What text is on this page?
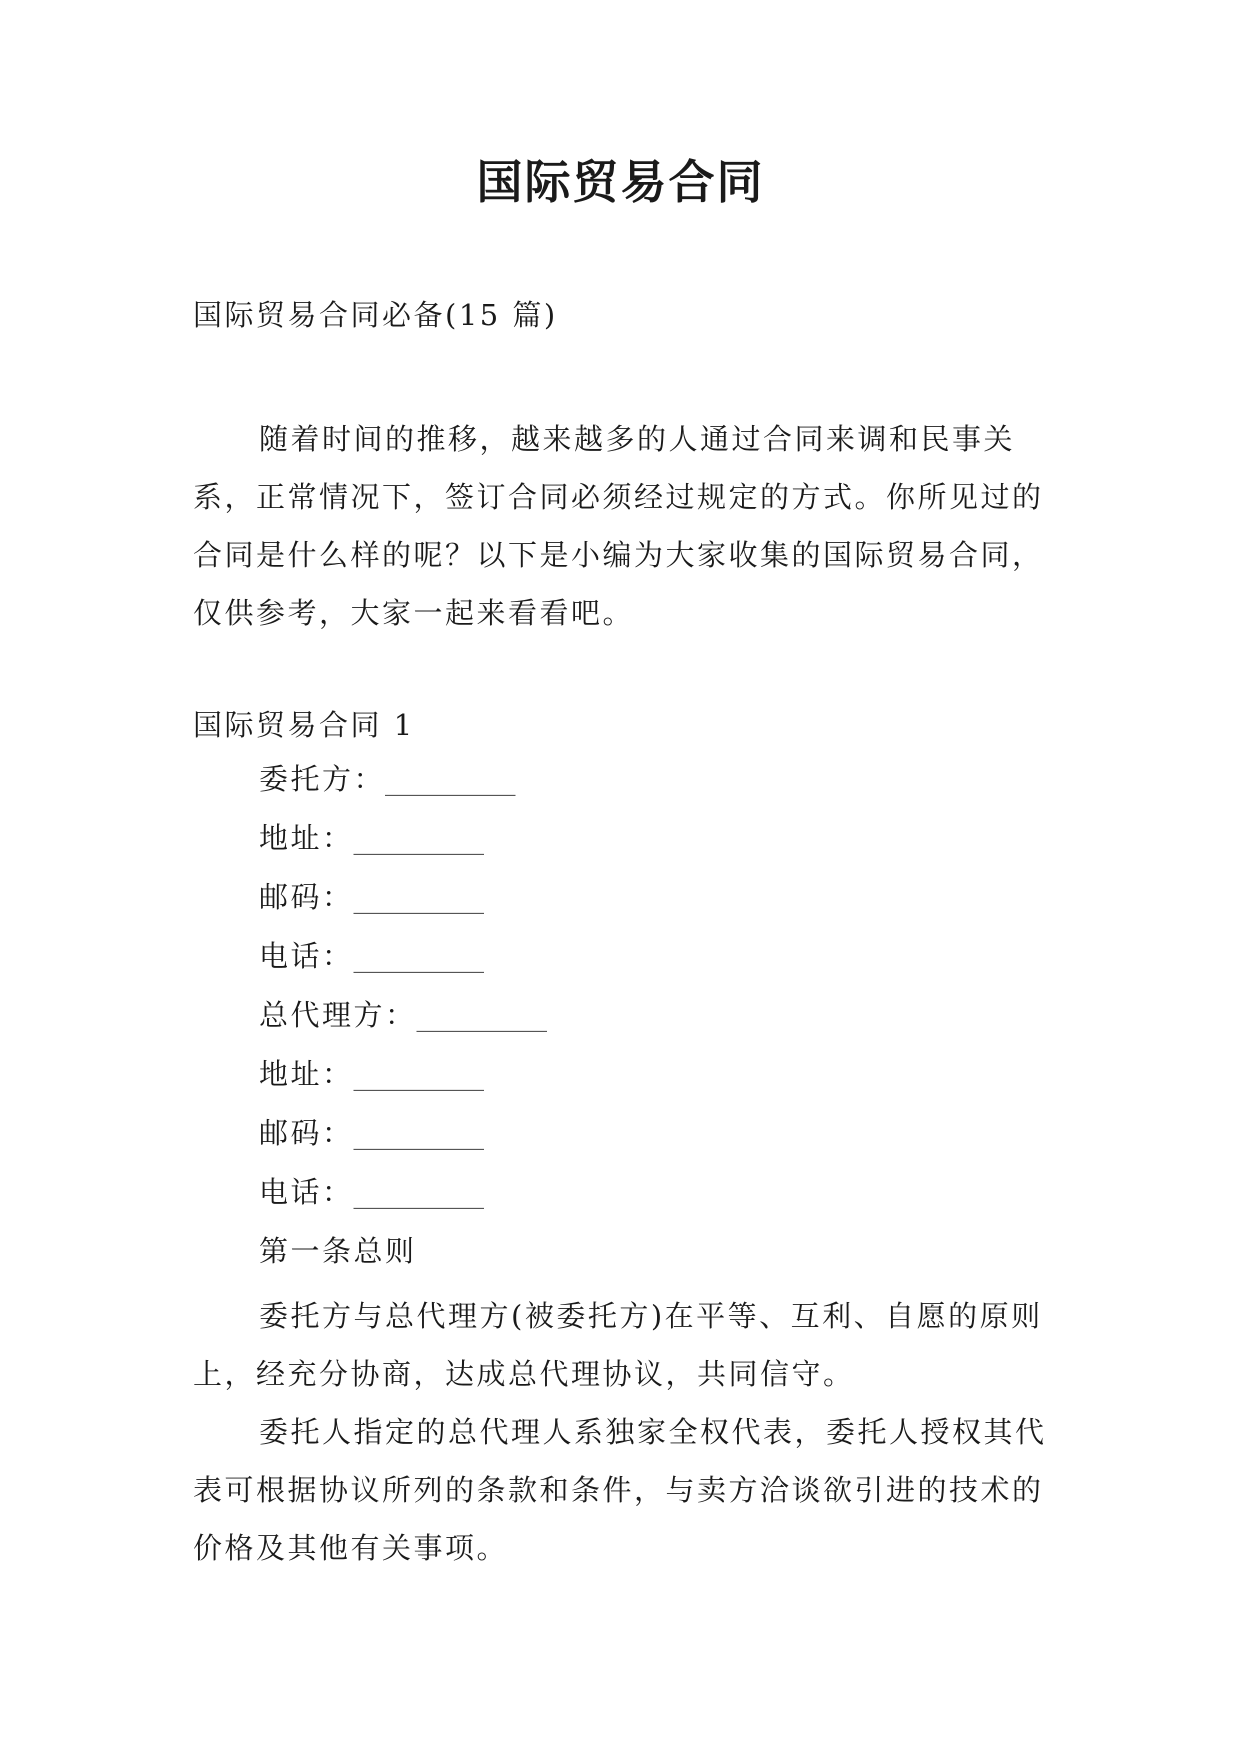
国际贸易合同
国际贸易合同必备(15 篇)
随着时间的推移，越来越多的人通过合同来调和民事关系，正常情况下，签订合同必须经过规定的方式。你所见过的合同是什么样的呢？以下是小编为大家收集的国际贸易合同，仅供参考，大家一起来看看吧。
国际贸易合同 1
委托方：_________
地址：_________
邮码：_________
电话：_________
总代理方：_________
地址：_________
邮码：_________
电话：_________
第一条总则

委托方与总代理方(被委托方)在平等、互利、自愿的原则上，经充分协商，达成总代理协议，共同信守。

委托人指定的总代理人系独家全权代表，委托人授权其代表可根据协议所列的条款和条件，与卖方洽谈欲引进的技术的价格及其他有关事项。
